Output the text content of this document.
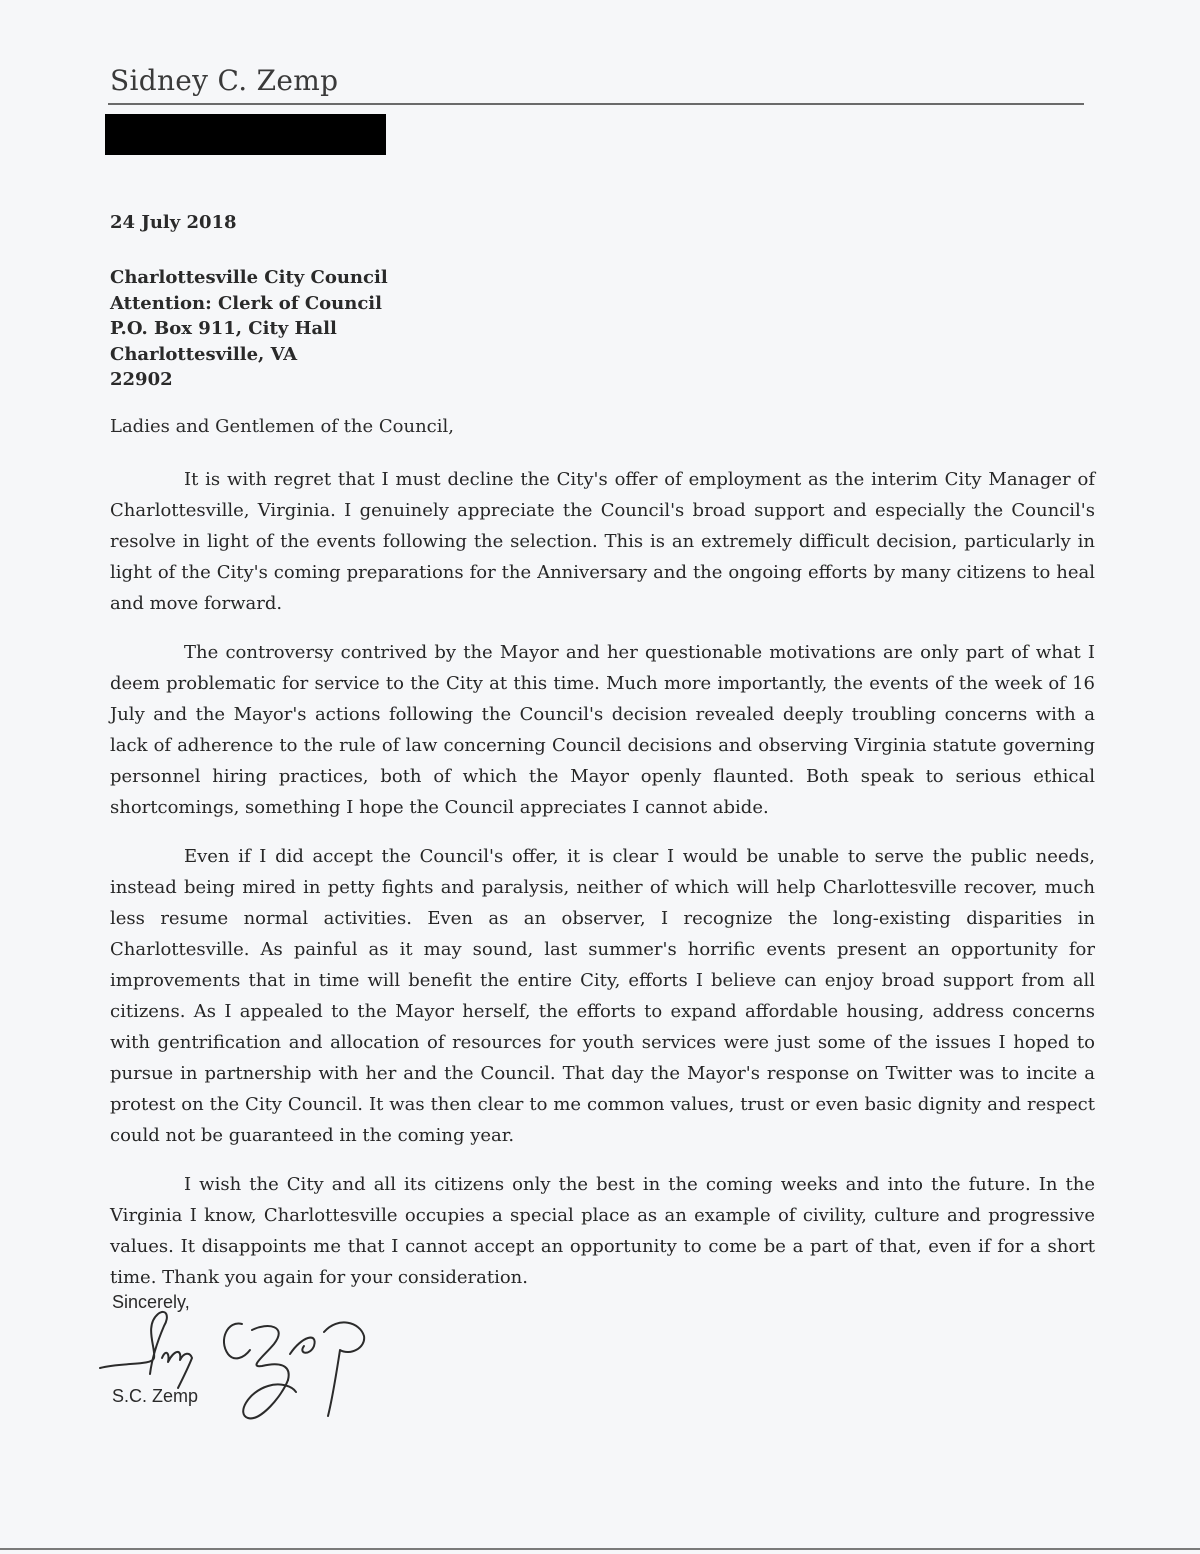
Sidney C. Zemp
24 July 2018
Charlottesville City Council
Attention: Clerk of Council
P.O. Box 911, City Hall
Charlottesville, VA
22902
Ladies and Gentlemen of the Council,

It is with regret that I must decline the City's offer of employment as the interim City Manager of Charlottesville, Virginia. I genuinely appreciate the Council's broad support and especially the Council's resolve in light of the events following the selection. This is an extremely difficult decision, particularly in light of the City's coming preparations for the Anniversary and the ongoing efforts by many citizens to heal and move forward.

The controversy contrived by the Mayor and her questionable motivations are only part of what I deem problematic for service to the City at this time. Much more importantly, the events of the week of 16 July and the Mayor's actions following the Council's decision revealed deeply troubling concerns with a lack of adherence to the rule of law concerning Council decisions and observing Virginia statute governing personnel hiring practices, both of which the Mayor openly flaunted. Both speak to serious ethical shortcomings, something I hope the Council appreciates I cannot abide.

Even if I did accept the Council's offer, it is clear I would be unable to serve the public needs, instead being mired in petty fights and paralysis, neither of which will help Charlottesville recover, much less resume normal activities. Even as an observer, I recognize the long-existing disparities in Charlottesville. As painful as it may sound, last summer's horrific events present an opportunity for improvements that in time will benefit the entire City, efforts I believe can enjoy broad support from all citizens. As I appealed to the Mayor herself, the efforts to expand affordable housing, address concerns with gentrification and allocation of resources for youth services were just some of the issues I hoped to pursue in partnership with her and the Council. That day the Mayor's response on Twitter was to incite a protest on the City Council. It was then clear to me common values, trust or even basic dignity and respect could not be guaranteed in the coming year.

I wish the City and all its citizens only the best in the coming weeks and into the future. In the Virginia I know, Charlottesville occupies a special place as an example of civility, culture and progressive values. It disappoints me that I cannot accept an opportunity to come be a part of that, even if for a short time. Thank you again for your consideration.

Sincerely,
S.C. Zemp
